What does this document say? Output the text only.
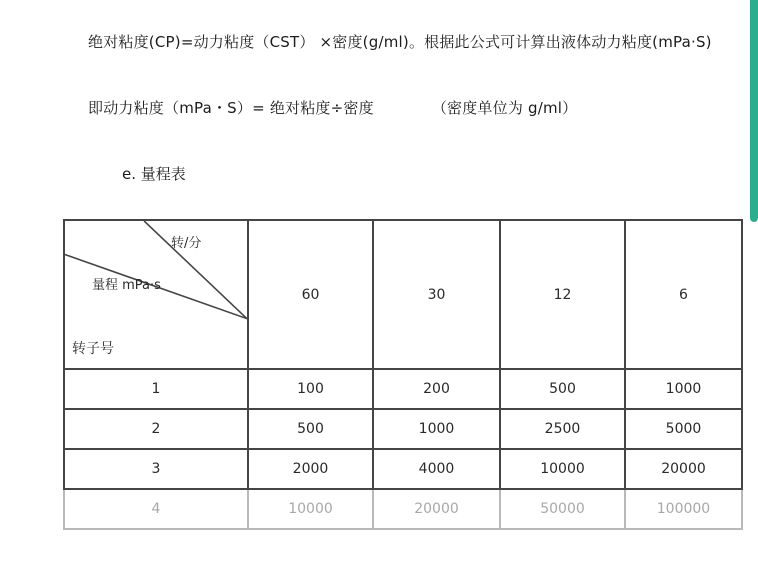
绝对粘度(CP)=动力粘度（CST） ×密度(g/ml)。根据此公式可计算出液体动力粘度(mPa·S)

即动力粘度（mPa・S）= 绝对粘度÷密度	（密度单位为 g/ml）

e. 量程表

转/分
量程 mPa·s
转子号	60	30	12	6
1	100	200	500	1000
2	500	1000	2500	5000
3	2000	4000	10000	20000
4	10000	20000	50000	100000
